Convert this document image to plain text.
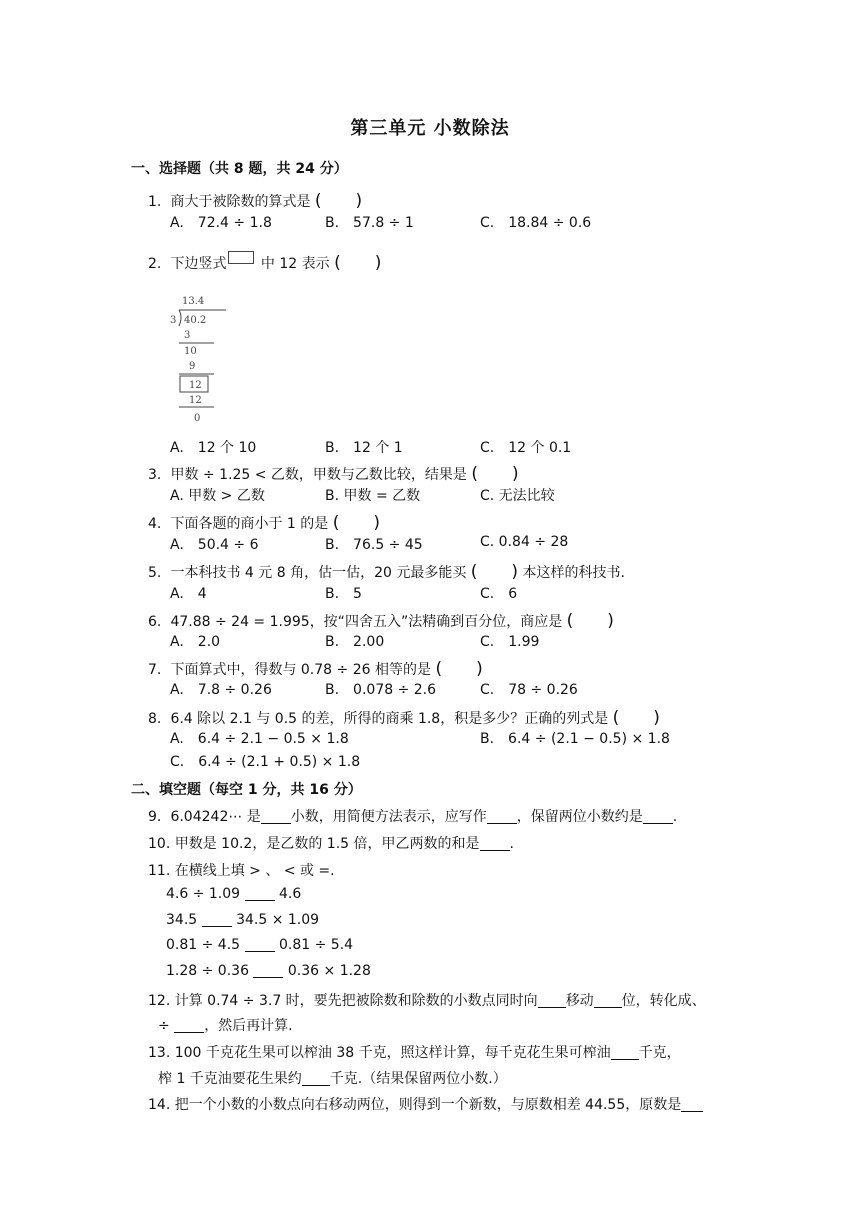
第三单元 小数除法
一、选择题（共 8 题，共 24 分）
1. 商大于被除数的算式是 (　　)
A.　72.4 ÷ 1.8	B.　57.8 ÷ 1	C.　18.84 ÷ 0.6
2. 下边竖式 中 12 表示 (　　)
13.4
3 40.2
3
10
9
12
12
0
A.　12 个 10	B.　12 个 1	C.　12 个 0.1
3. 甲数 ÷ 1.25 < 乙数，甲数与乙数比较，结果是 (　　)
A. 甲数 > 乙数	B. 甲数 = 乙数	C. 无法比较
4. 下面各题的商小于 1 的是 (　　)
A.　50.4 ÷ 6	B.　76.5 ÷ 45	C. 0.84 ÷ 28
5. 一本科技书 4 元 8 角，估一估，20 元最多能买 (　　) 本这样的科技书.
A.　4	B.　5	C.　6
6. 47.88 ÷ 24 = 1.995，按“四舍五入”法精确到百分位，商应是 (　　)
A.　2.0	B.　2.00	C.　1.99
7. 下面算式中，得数与 0.78 ÷ 26 相等的是 (　　)
A.　7.8 ÷ 0.26	B.　0.078 ÷ 2.6	C.　78 ÷ 0.26
8. 6.4 除以 2.1 与 0.5 的差，所得的商乘 1.8，积是多少？正确的列式是 (　　)
A.　6.4 ÷ 2.1 − 0.5 × 1.8	B.　6.4 ÷ (2.1 − 0.5) × 1.8
C.　6.4 ÷ (2.1 + 0.5) × 1.8
二、填空题（每空 1 分，共 16 分）
9. 6.04242⋯ 是 小数，用简便方法表示，应写作 ，保留两位小数约是 .
10. 甲数是 10.2，是乙数的 1.5 倍，甲乙两数的和是 .
11. 在横线上填 > 、 < 或 =.
4.6 ÷ 1.09	4.6
34.5	34.5 × 1.09
0.81 ÷ 4.5	0.81 ÷ 5.4
1.28 ÷ 0.36	0.36 × 1.28
12. 计算 0.74 ÷ 3.7 时，要先把被除数和除数的小数点同时向 移动 位，转化成、
÷ ，然后再计算.
13. 100 千克花生果可以榨油 38 千克，照这样计算，每千克花生果可榨油 千克，
榨 1 千克油要花生果约 千克.（结果保留两位小数.）
14. 把一个小数的小数点向右移动两位，则得到一个新数，与原数相差 44.55，原数是
